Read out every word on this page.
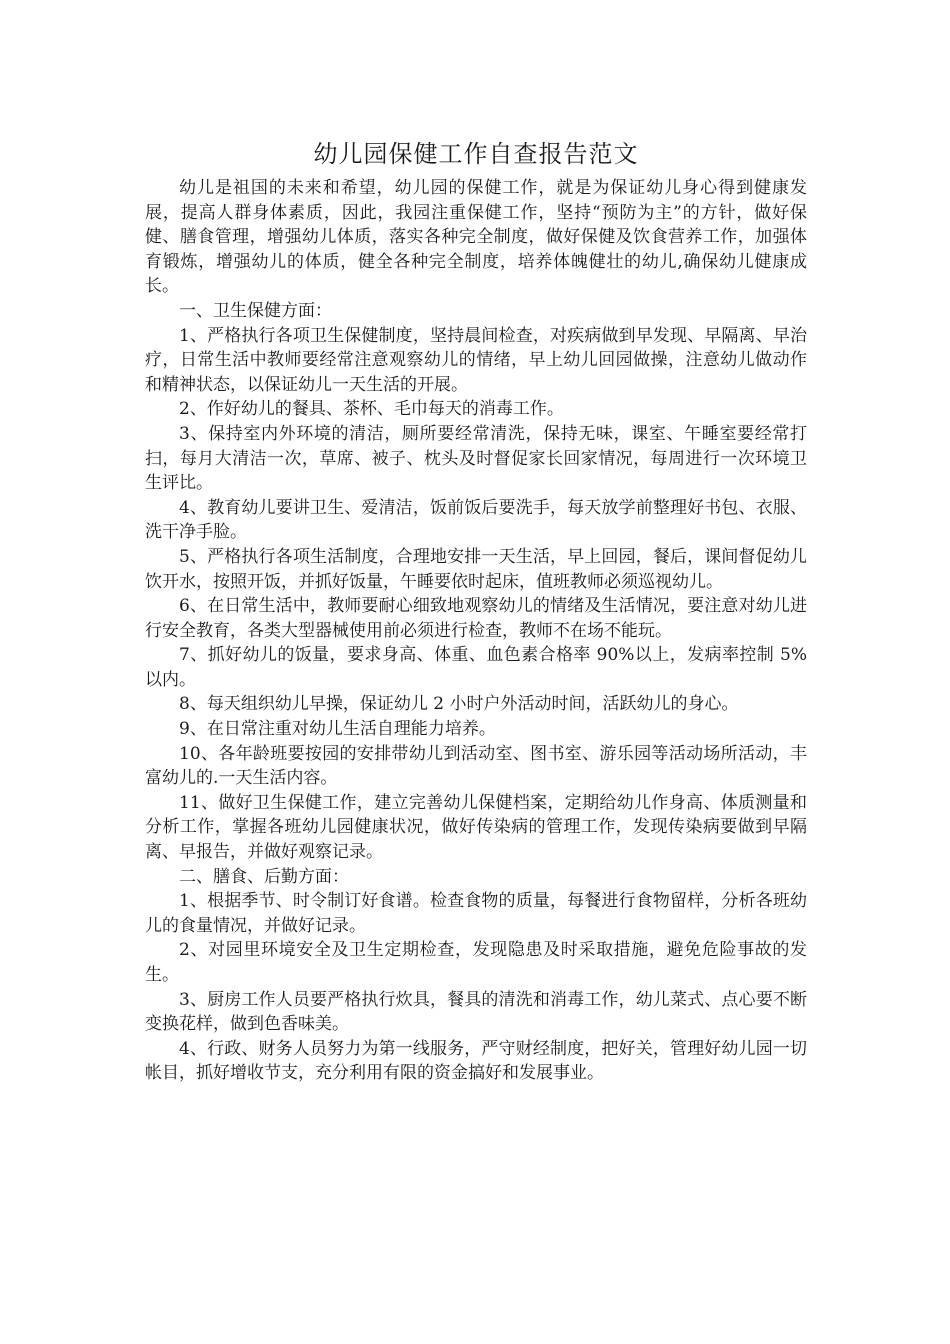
幼儿园保健工作自查报告范文

幼儿是祖国的未来和希望，幼儿园的保健工作，就是为保证幼儿身心得到健康发展，提高人群身体素质，因此，我园注重保健工作，坚持“预防为主”的方针，做好保健、膳食管理，增强幼儿体质，落实各种完全制度，做好保健及饮食营养工作，加强体育锻炼，增强幼儿的体质，健全各种完全制度，培养体魄健壮的幼儿,确保幼儿健康成长。

一、卫生保健方面：

1、严格执行各项卫生保健制度，坚持晨间检查，对疾病做到早发现、早隔离、早治疗，日常生活中教师要经常注意观察幼儿的情绪，早上幼儿回园做操，注意幼儿做动作和精神状态，以保证幼儿一天生活的开展。

2、作好幼儿的餐具、茶杯、毛巾每天的消毒工作。

3、保持室内外环境的清洁，厕所要经常清洗，保持无味，课室、午睡室要经常打扫，每月大清洁一次，草席、被子、枕头及时督促家长回家情况，每周进行一次环境卫生评比。

4、教育幼儿要讲卫生、爱清洁，饭前饭后要洗手，每天放学前整理好书包、衣服、洗干净手脸。

5、严格执行各项生活制度，合理地安排一天生活，早上回园，餐后，课间督促幼儿饮开水，按照开饭，并抓好饭量，午睡要依时起床，值班教师必须巡视幼儿。

6、在日常生活中，教师要耐心细致地观察幼儿的情绪及生活情况，要注意对幼儿进行安全教育，各类大型器械使用前必须进行检查，教师不在场不能玩。

7、抓好幼儿的饭量，要求身高、体重、血色素合格率 90%以上，发病率控制 5%以内。

8、每天组织幼儿早操，保证幼儿 2 小时户外活动时间，活跃幼儿的身心。

9、在日常注重对幼儿生活自理能力培养。

10、各年龄班要按园的安排带幼儿到活动室、图书室、游乐园等活动场所活动，丰富幼儿的.一天生活内容。

11、做好卫生保健工作，建立完善幼儿保健档案，定期给幼儿作身高、体质测量和分析工作，掌握各班幼儿园健康状况，做好传染病的管理工作，发现传染病要做到早隔离、早报告，并做好观察记录。

二、膳食、后勤方面：

1、根据季节、时令制订好食谱。检查食物的质量，每餐进行食物留样，分析各班幼儿的食量情况，并做好记录。

2、对园里环境安全及卫生定期检查，发现隐患及时采取措施，避免危险事故的发生。

3、厨房工作人员要严格执行炊具，餐具的清洗和消毒工作，幼儿菜式、点心要不断变换花样，做到色香味美。

4、行政、财务人员努力为第一线服务，严守财经制度，把好关，管理好幼儿园一切帐目，抓好增收节支，充分利用有限的资金搞好和发展事业。
